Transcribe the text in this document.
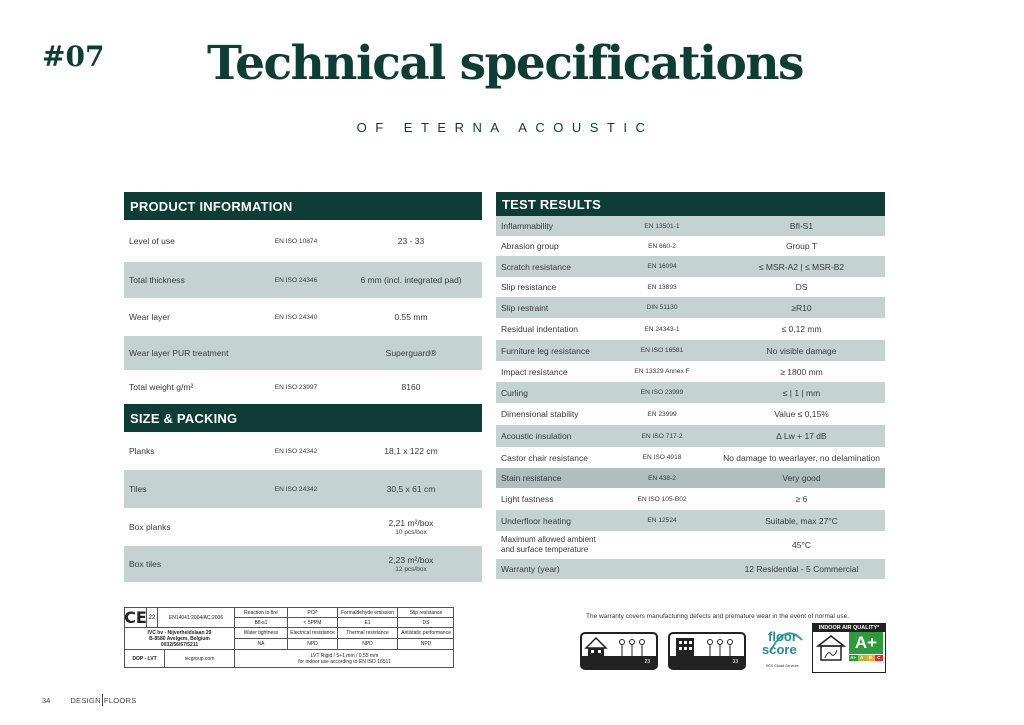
#07	Technical specifications
OF ETERNA ACOUSTIC
PRODUCT INFORMATION
Level of use	EN ISO 10874	23 - 33
Total thickness	EN ISO 24346	6 mm (incl. integrated pad)
Wear layer	EN ISO 24340	0.55 mm
Wear layer PUR treatment	Superguard®
Total weight g/m²	EN ISO 23997	8160
SIZE & PACKING
Planks	EN ISO 24342	18,1 x 122 cm
Tiles	EN ISO 24342	30,5 x 61 cm
Box planks	2,21 m²/box
10 pcs/box
Box tiles	2,23 m²/box
12 pcs/box
TEST RESULTS
Inflammability	EN 13501-1	Bfl-S1
Abrasion group	EN 660-2	Group T
Scratch resistance	EN 16094	≤ MSR-A2 | ≤ MSR-B2
Slip resistance	EN 13893	DS
Slip restraint	DIN 51130	≥R10
Residual indentation	EN 24343-1	≤ 0,12 mm
Furniture leg resistance	EN ISO 16581	No visible damage
Impact resistance	EN 13329 Annex F	≥ 1800 mm
Curling	EN ISO 23999	≤ | 1 | mm
Dimensional stability	EN 23999	Value ≤ 0,15%
Acoustic insulation	EN ISO 717-2	∆ Lw + 17 dB
Castor chair resistance	EN ISO 4918	No damage to wearlayer, no delamination
Stain resistance	EN 438-2	Very good
Light fastness	EN ISO 105-B02	≥ 6
Underfloor heating	EN 12524	Suitable, max 27°C
Maximum allowed ambient and surface temperature	45°C
Warranty (year)	12 Residential - 5 Commercial
CE 22	EN14041:2004/AC:2006
Reaction to fire	PCP	Formaldehyde emission	Slip resistance
Bfl-s1	< 5PPM	E1	DS
IVC bv - Nijverheidslaan 29
B-8580 Avelgem, Belgium
0032/56/67/5211
Water tightness	Electrical resistance	Thermal resistance	Antistatic performance
NA	NPD	NPD	NPD
DOP - LVT	ivcgroup.com	LVT Rigid / 5+1 mm / 0.55 mm
for indoor use according to EN ISO 16511
The warranty covers manufacturing defects and premature wear in the event of normal use.
23	33
floor
score
SCS Global Services
INDOOR AIR QUALITY*
A+
A+ A	B	C
34	DESIGN FLOORS
